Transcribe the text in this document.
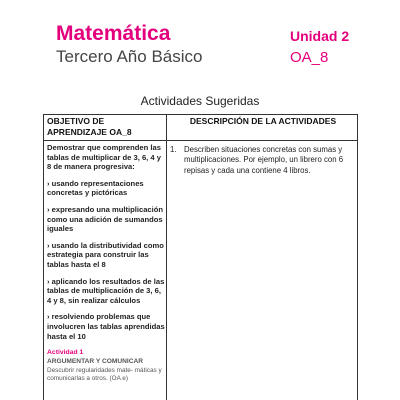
Matemática
Tercero Año Básico
Unidad 2
OA_8
Actividades Sugeridas
OBJETIVO DE APRENDIZAJE OA_8
DESCRIPCIÓN DE LA ACTIVIDADES

Demostrar que comprenden las tablas de multiplicar de 3, 6, 4 y 8 de manera progresiva:

› usando representaciones concretas y pictóricas

› expresando una multiplicación como una adición de sumandos iguales

› usando la distributividad como estrategia para construir las tablas hasta el 8

› aplicando los resultados de las tablas de multiplicación de 3, 6, 4 y 8, sin realizar cálculos

› resolviendo problemas que involucren las tablas aprendidas hasta el 10

Actividad 1
ARGUMENTAR Y COMUNICAR
Descubrir regularidades mate- máticas y comunicarlas a otros. (OA e)
1. Describen situaciones concretas con sumas y multiplicaciones. Por ejemplo, un librero con 6 repisas y cada una contiene 4 libros.
